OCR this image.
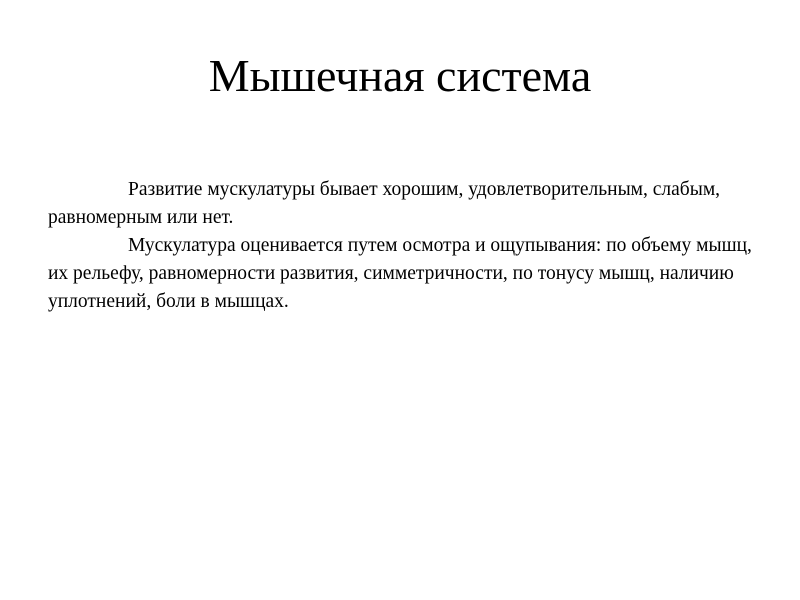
Мышечная система

Развитие мускулатуры бывает хорошим, удовлетворительным, слабым, равномерным или нет.

Мускулатура оценивается путем осмотра и ощупывания: по объему мышц, их рельефу, равномерности развития, симметричности, по тонусу мышц, наличию уплотнений, боли в мышцах.
